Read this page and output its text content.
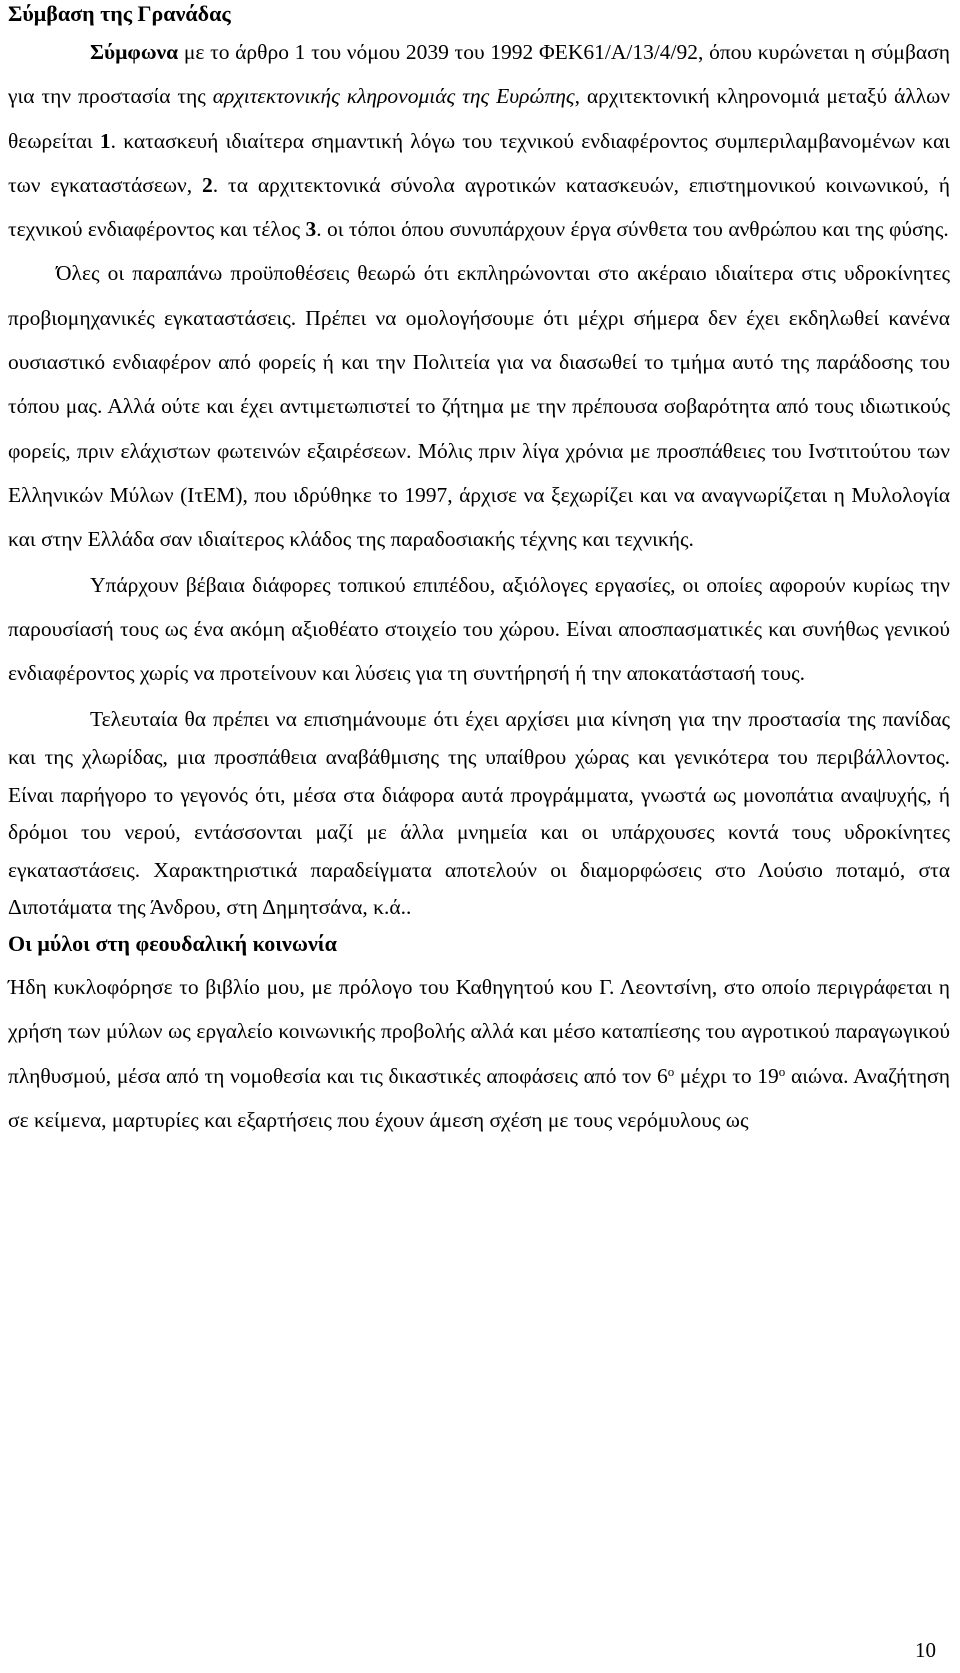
Σύμβαση της Γρανάδας

Σύμφωνα με το άρθρο 1 του νόμου 2039 του 1992 ΦΕΚ61/Α/13/4/92, όπου κυρώνεται η σύμβαση για την προστασία της αρχιτεκτονικής κληρονομιάς της Ευρώπης, αρχιτεκτονική κληρονομιά μεταξύ άλλων θεωρείται 1. κατασκευή ιδιαίτερα σημαντική λόγω του τεχνικού ενδιαφέροντος συμπεριλαμβανομένων και των εγκαταστάσεων, 2. τα αρχιτεκτονικά σύνολα αγροτικών κατασκευών, επιστημονικού κοινωνικού, ή τεχνικού ενδιαφέροντος και τέλος 3. οι τόποι όπου συνυπάρχουν έργα σύνθετα του ανθρώπου και της φύσης.

Όλες οι παραπάνω προϋποθέσεις θεωρώ ότι εκπληρώνονται στο ακέραιο ιδιαίτερα στις υδροκίνητες προβιομηχανικές εγκαταστάσεις. Πρέπει να ομολογήσουμε ότι μέχρι σήμερα δεν έχει εκδηλωθεί κανένα ουσιαστικό ενδιαφέρον από φορείς ή και την Πολιτεία για να διασωθεί το τμήμα αυτό της παράδοσης του τόπου μας. Αλλά ούτε και έχει αντιμετωπιστεί το ζήτημα με την πρέπουσα σοβαρότητα από τους ιδιωτικούς φορείς, πριν ελάχιστων φωτεινών εξαιρέσεων. Μόλις πριν λίγα χρόνια με προσπάθειες του Ινστιτούτου των Ελληνικών Μύλων (ΙτΕΜ), που ιδρύθηκε το 1997, άρχισε να ξεχωρίζει και να αναγνωρίζεται η Μυλολογία και στην Ελλάδα σαν ιδιαίτερος κλάδος της παραδοσιακής τέχνης και τεχνικής.

Υπάρχουν βέβαια διάφορες τοπικού επιπέδου, αξιόλογες εργασίες, οι οποίες αφορούν κυρίως την παρουσίασή τους ως ένα ακόμη αξιοθέατο στοιχείο του χώρου. Είναι αποσπασματικές και συνήθως γενικού ενδιαφέροντος χωρίς να προτείνουν και λύσεις για τη συντήρησή ή την αποκατάστασή τους.

Τελευταία θα πρέπει να επισημάνουμε ότι έχει αρχίσει μια κίνηση για την προστασία της πανίδας και της χλωρίδας, μια προσπάθεια αναβάθμισης της υπαίθρου χώρας και γενικότερα του περιβάλλοντος. Είναι παρήγορο το γεγονός ότι, μέσα στα διάφορα αυτά προγράμματα, γνωστά ως μονοπάτια αναψυχής, ή δρόμοι του νερού, εντάσσονται μαζί με άλλα μνημεία και οι υπάρχουσες κοντά τους υδροκίνητες εγκαταστάσεις. Χαρακτηριστικά παραδείγματα αποτελούν οι διαμορφώσεις στο Λούσιο ποταμό, στα Διποτάματα της Άνδρου, στη Δημητσάνα, κ.ά..

Οι μύλοι στη φεουδαλική κοινωνία

Ήδη κυκλοφόρησε το βιβλίο μου, με πρόλογο του Καθηγητού κου Γ. Λεοντσίνη, στο οποίο περιγράφεται η χρήση των μύλων ως εργαλείο κοινωνικής προβολής αλλά και μέσο καταπίεσης του αγροτικού παραγωγικού πληθυσμού, μέσα από τη νομοθεσία και τις δικαστικές αποφάσεις από τον $6^o$ μέχρι το $19^o$ αιώνα. Αναζήτηση σε κείμενα, μαρτυρίες και εξαρτήσεις που έχουν άμεση σχέση με τους νερόμυλους ως

10
